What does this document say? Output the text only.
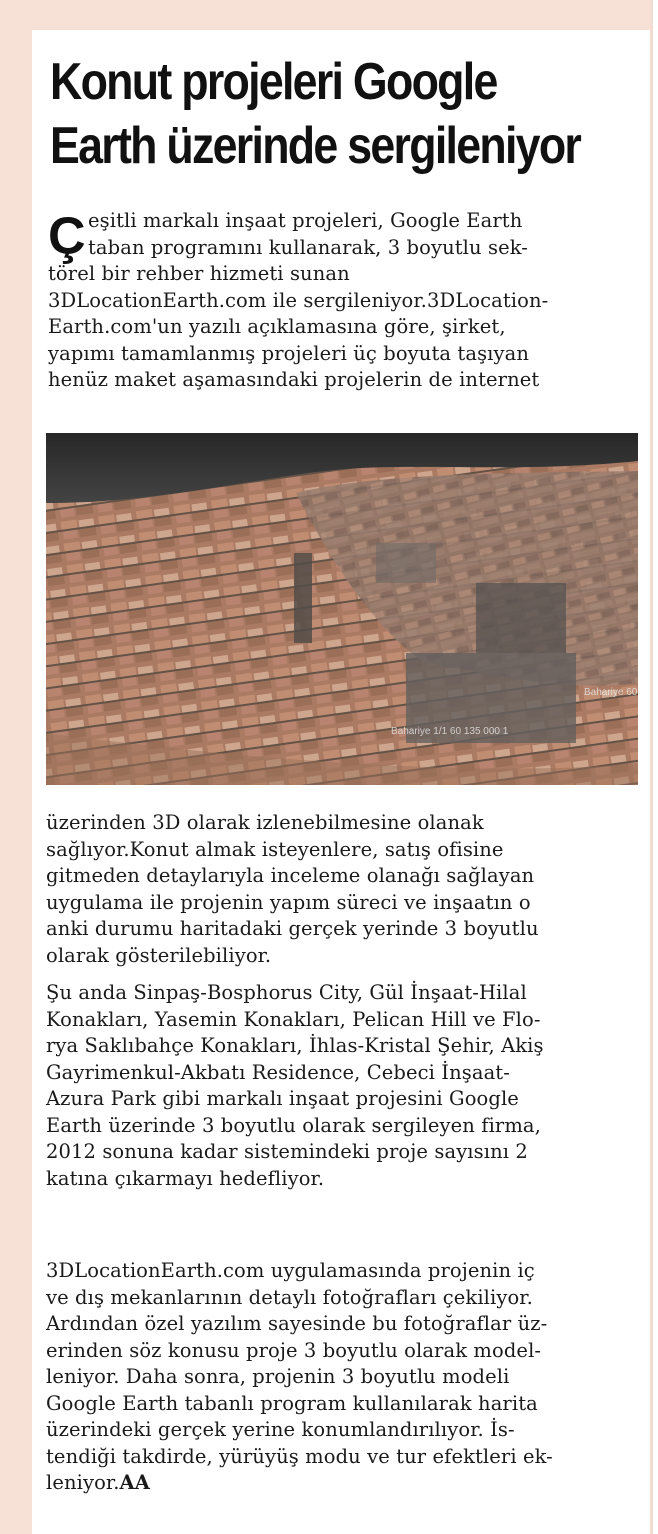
Konut projeleri Google
Earth üzerinde sergileniyor
Ç eşitli markalı inşaat projeleri, Google Earth
taban programını kullanarak, 3 boyutlu sek-
törel bir rehber hizmeti sunan
3DLocationEarth.com ile sergileniyor.3DLocation-
Earth.com'un yazılı açıklamasına göre, şirket,
yapımı tamamlanmış projeleri üç boyuta taşıyan
henüz maket aşamasındaki projelerin de internet
Bahariye 1/1 60 135 000 1
Bahariye 60
üzerinden 3D olarak izlenebilmesine olanak
sağlıyor.Konut almak isteyenlere, satış ofisine
gitmeden detaylarıyla inceleme olanağı sağlayan
uygulama ile projenin yapım süreci ve inşaatın o
anki durumu haritadaki gerçek yerinde 3 boyutlu
olarak gösterilebiliyor.
Şu anda Sinpaş-Bosphorus City, Gül İnşaat-Hilal
Konakları, Yasemin Konakları, Pelican Hill ve Flo-
rya Saklıbahçe Konakları, İhlas-Kristal Şehir, Akiş
Gayrimenkul-Akbatı Residence, Cebeci İnşaat-
Azura Park gibi markalı inşaat projesini Google
Earth üzerinde 3 boyutlu olarak sergileyen firma,
2012 sonuna kadar sistemindeki proje sayısını 2
katına çıkarmayı hedefliyor.
3DLocationEarth.com uygulamasında projenin iç
ve dış mekanlarının detaylı fotoğrafları çekiliyor.
Ardından özel yazılım sayesinde bu fotoğraflar üz-
erinden söz konusu proje 3 boyutlu olarak model-
leniyor. Daha sonra, projenin 3 boyutlu modeli
Google Earth tabanlı program kullanılarak harita
üzerindeki gerçek yerine konumlandırılıyor. İs-
tendiği takdirde, yürüyüş modu ve tur efektleri ek-
leniyor.AA
